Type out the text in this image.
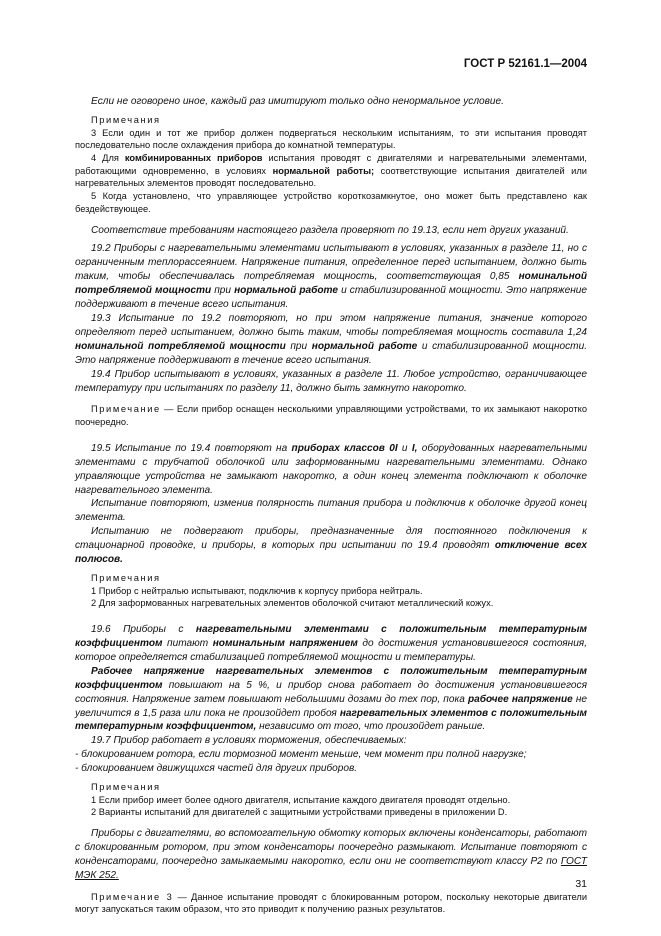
ГОСТ Р 52161.1—2004

Если не оговорено иное, каждый раз имитируют только одно ненормальное условие.

Примечания

3 Если один и тот же прибор должен подвергаться нескольким испытаниям, то эти испытания проводят последовательно после охлаждения прибора до комнатной температуры.

4 Для комбинированных приборов испытания проводят с двигателями и нагревательными элементами, работающими одновременно, в условиях нормальной работы; соответствующие испытания двигателей или нагревательных элементов проводят последовательно.

5 Когда установлено, что управляющее устройство короткозамкнутое, оно может быть представлено как бездействующее.

Соответствие требованиям настоящего раздела проверяют по 19.13, если нет других указаний.

19.2 Приборы с нагревательными элементами испытывают в условиях, указанных в разделе 11, но с ограниченным теплорассеянием. Напряжение питания, определенное перед испытанием, должно быть таким, чтобы обеспечивалась потребляемая мощность, соответствующая 0,85 номинальной потребляемой мощности при нормальной работе и стабилизированной мощности. Это напряжение поддерживают в течение всего испытания.

19.3 Испытание по 19.2 повторяют, но при этом напряжение питания, значение которого определяют перед испытанием, должно быть таким, чтобы потребляемая мощность составила 1,24 номинальной потребляемой мощности при нормальной работе и стабилизированной мощности. Это напряжение поддерживают в течение всего испытания.

19.4 Прибор испытывают в условиях, указанных в разделе 11. Любое устройство, ограничивающее температуру при испытаниях по разделу 11, должно быть замкнуто накоротко.

Примечание — Если прибор оснащен несколькими управляющими устройствами, то их замыкают накоротко поочередно.

19.5 Испытание по 19.4 повторяют на приборах классов 0I и I, оборудованных нагревательными элементами с трубчатой оболочкой или заформованными нагревательными элементами. Однако управляющие устройства не замыкают накоротко, а один конец элемента подключают к оболочке нагревательного элемента.

Испытание повторяют, изменив полярность питания прибора и подключив к оболочке другой конец элемента.

Испытанию не подвергают приборы, предназначенные для постоянного подключения к стационарной проводке, и приборы, в которых при испытании по 19.4 проводят отключение всех полюсов.

Примечания

1 Прибор с нейтралью испытывают, подключив к корпусу прибора нейтраль.

2 Для заформованных нагревательных элементов оболочкой считают металлический кожух.

19.6 Приборы с нагревательными элементами с положительным температурным коэффициентом питают номинальным напряжением до достижения установившегося состояния, которое определяется стабилизацией потребляемой мощности и температуры.

Рабочее напряжение нагревательных элементов с положительным температурным коэффициентом повышают на 5 %, и прибор снова работает до достижения установившегося состояния. Напряжение затем повышают небольшими дозами до тех пор, пока рабочее напряжение не увеличится в 1,5 раза или пока не произойдет пробоя нагревательных элементов с положительным температурным коэффициентом, независимо от того, что произойдет раньше.

19.7 Прибор работает в условиях торможения, обеспечиваемых:

- блокированием ротора, если тормозной момент меньше, чем момент при полной нагрузке;

- блокированием движущихся частей для других приборов.

Примечания

1 Если прибор имеет более одного двигателя, испытание каждого двигателя проводят отдельно.

2 Варианты испытаний для двигателей с защитными устройствами приведены в приложении D.

Приборы с двигателями, во вспомогательную обмотку которых включены конденсаторы, работают с блокированным ротором, при этом конденсаторы поочередно размыкают. Испытание повторяют с конденсаторами, поочередно замыкаемыми накоротко, если они не соответствуют классу P2 по ГОСТ МЭК 252.

Примечание 3 — Данное испытание проводят с блокированным ротором, поскольку некоторые двигатели могут запускаться таким образом, что это приводит к получению разных результатов.

31
